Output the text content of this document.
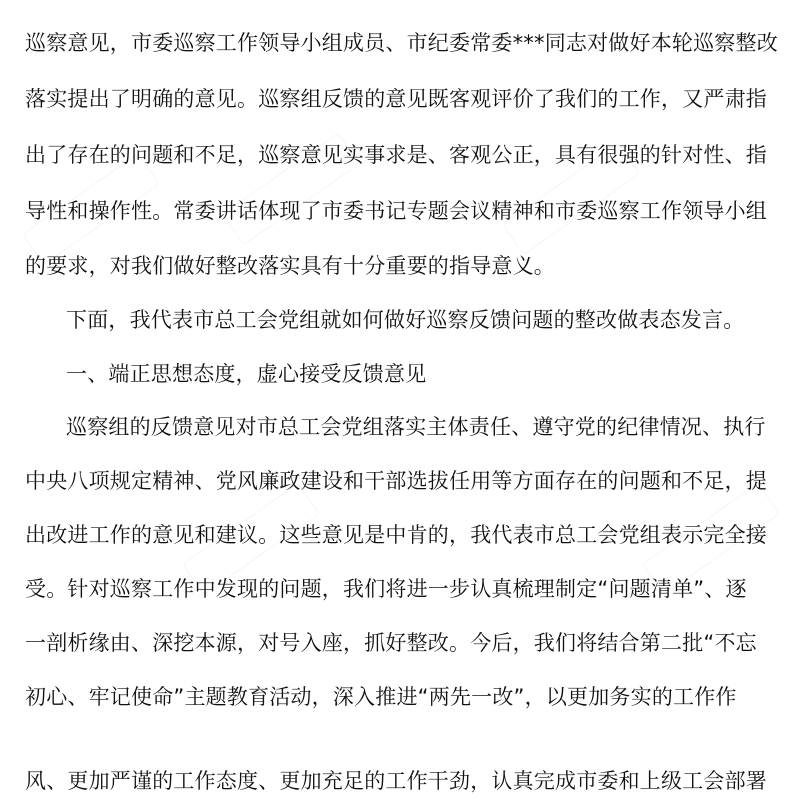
巡察意见，市委巡察工作领导小组成员、市纪委常委***同志对做好本轮巡察整改
落实提出了明确的意见。巡察组反馈的意见既客观评价了我们的工作，又严肃指
出了存在的问题和不足，巡察意见实事求是、客观公正，具有很强的针对性、指
导性和操作性。常委讲话体现了市委书记专题会议精神和市委巡察工作领导小组
的要求，对我们做好整改落实具有十分重要的指导意义。
下面，我代表市总工会党组就如何做好巡察反馈问题的整改做表态发言。
一、端正思想态度，虚心接受反馈意见
巡察组的反馈意见对市总工会党组落实主体责任、遵守党的纪律情况、执行
中央八项规定精神、党风廉政建设和干部选拔任用等方面存在的问题和不足，提
出改进工作的意见和建议。这些意见是中肯的，我代表市总工会党组表示完全接
受。针对巡察工作中发现的问题，我们将进一步认真梳理制定“问题清单”、逐
一剖析缘由、深挖本源，对号入座，抓好整改。今后，我们将结合第二批“不忘
初心、牢记使命”主题教育活动，深入推进“两先一改”，以更加务实的工作作
风、更加严谨的工作态度、更加充足的工作干劲，认真完成市委和上级工会部署
